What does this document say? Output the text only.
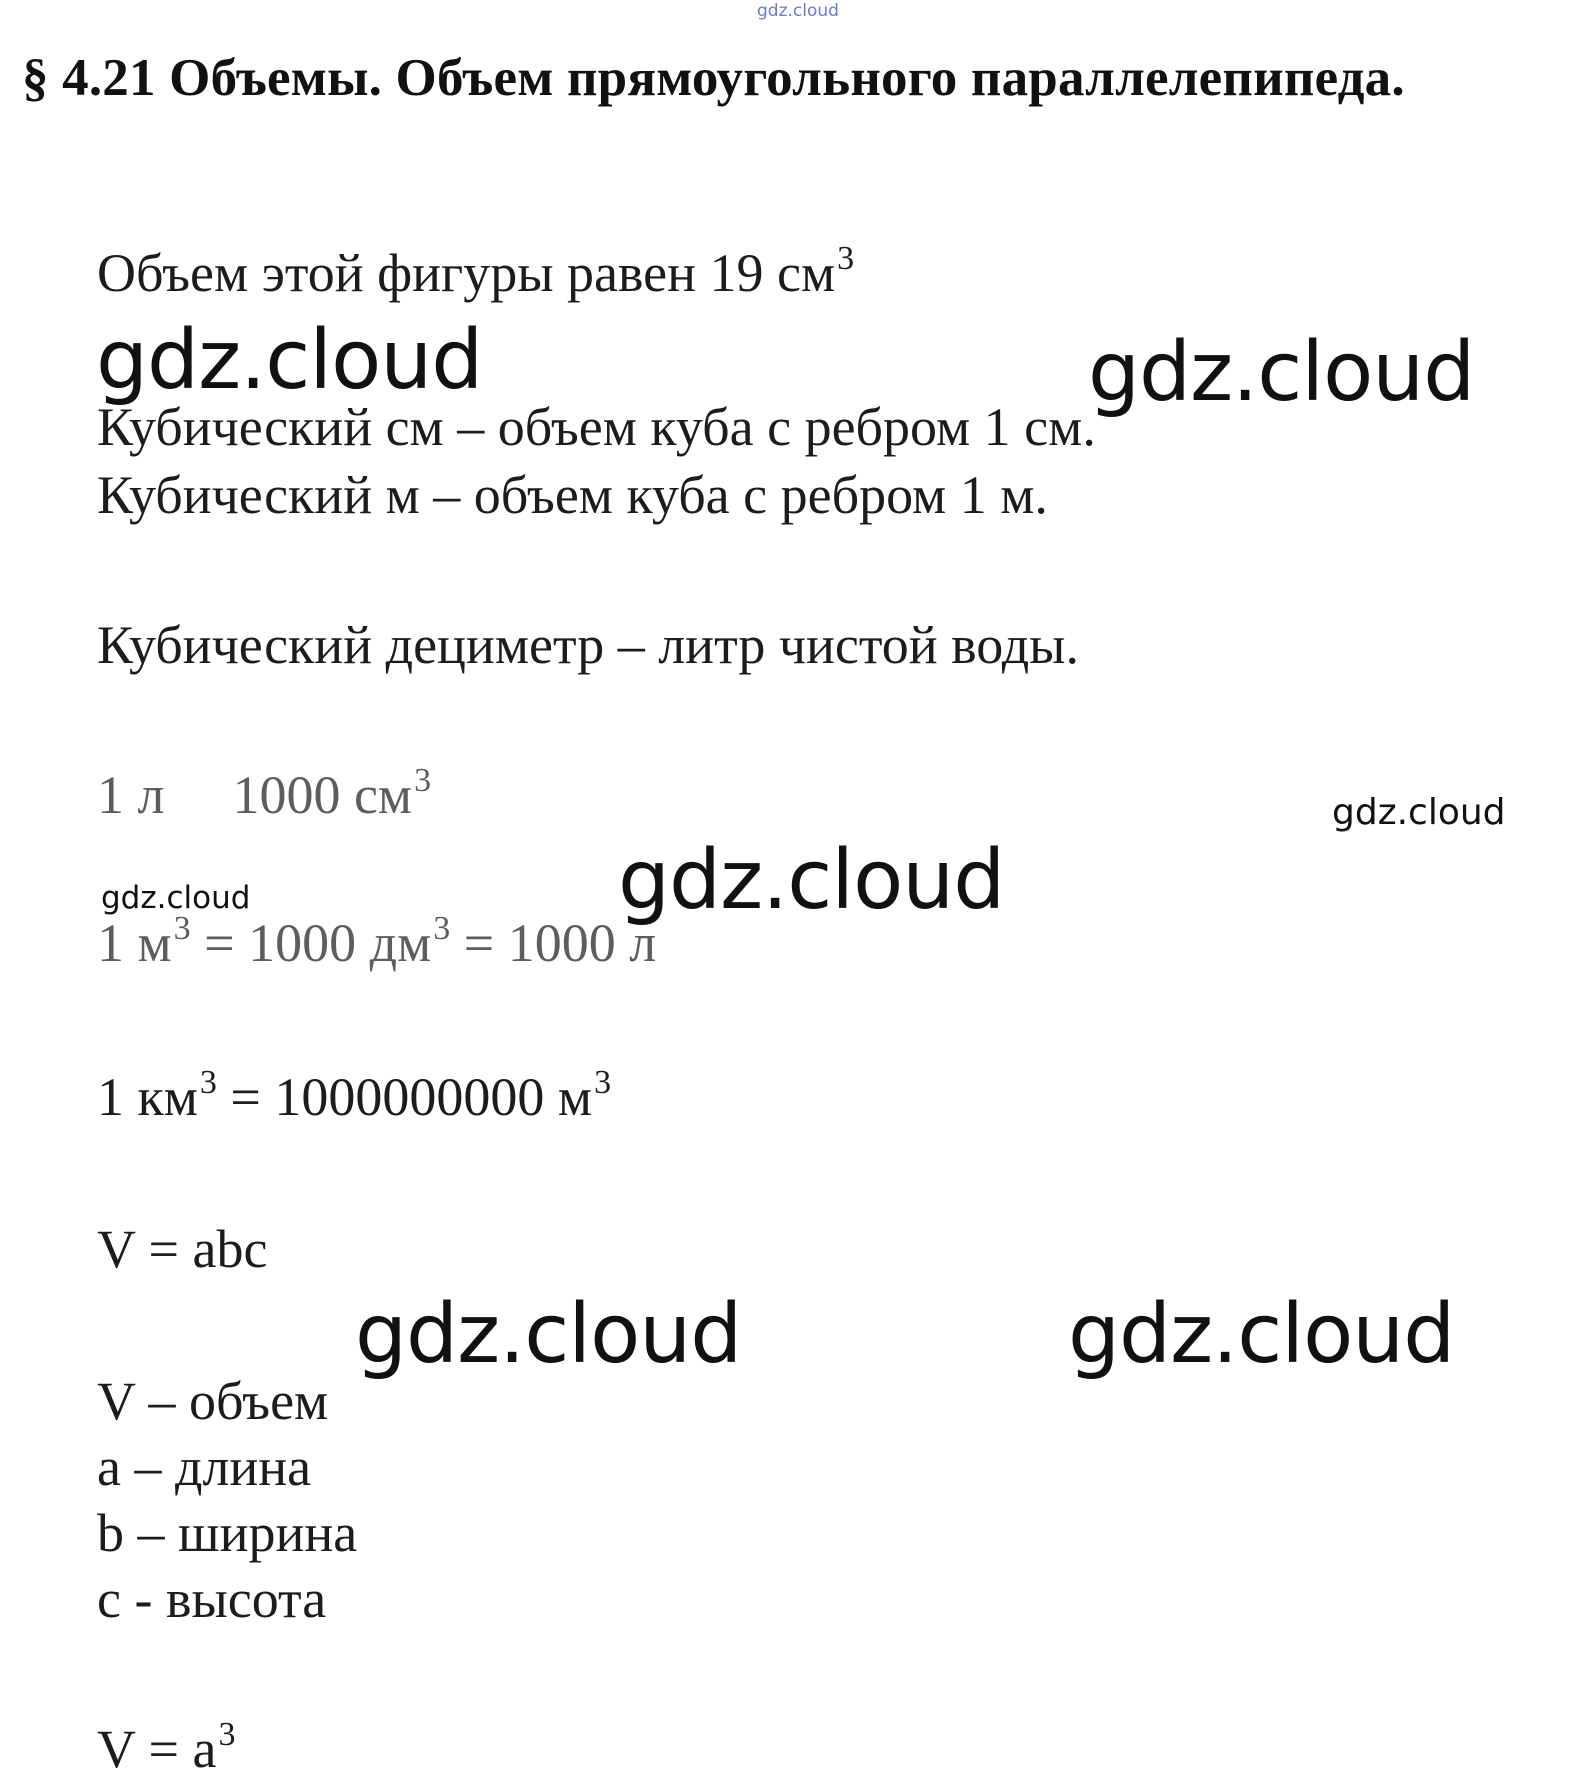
gdz.cloud
§ 4.21 Объемы. Объем прямоугольного параллелепипеда.

Объем этой фигуры равен 19 $см^3$

Кубический см – объем куба с ребром 1 см.

Кубический м – объем куба с ребром 1 м.

Кубический дециметр – литр чистой воды.

1 л 1000 $см^3$

1 $м^3 = 1000$ $дм^3 = 1000$ л

1 $км^3 = 1000000000$ $м^3$

V = abc

V – объем

a – длина

b – ширина

c - высота

$V = a^3$

gdz.cloud	gdz.cloud
gdz.cloud
gdz.cloud	gdz.cloud
gdz.cloud	gdz.cloud
